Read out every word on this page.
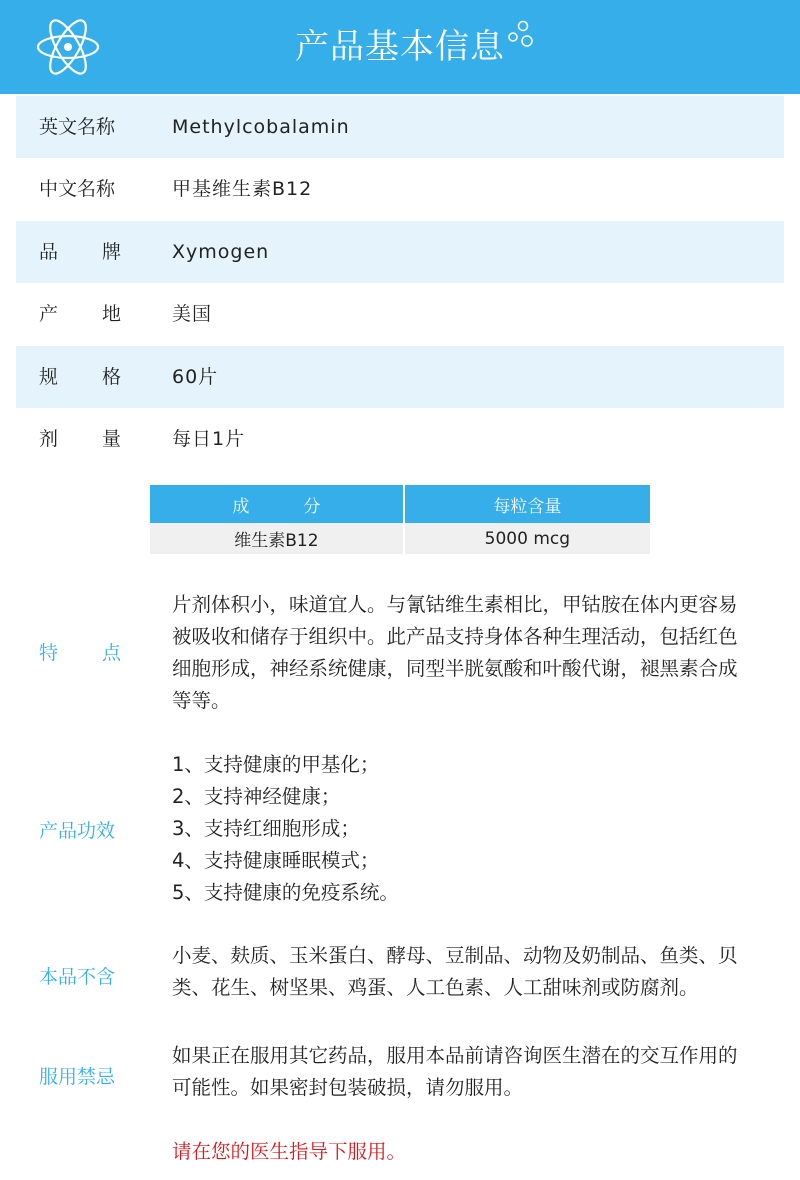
产品基本信息
英文名称	Methylcobalamin
中文名称	甲基维生素B12
品 牌	Xymogen
产 地	美国
规 格	60片
剂 量	每日1片
成 分	每粒含量
维生素B12	5000 mcg
特 点
片剂体积小，味道宜人。与氰钴维生素相比，甲钴胺在体内更容易被吸收和储存于组织中。此产品支持身体各种生理活动，包括红色细胞形成，神经系统健康，同型半胱氨酸和叶酸代谢，褪黑素合成等等。
产品功效
1、支持健康的甲基化；
2、支持神经健康；
3、支持红细胞形成；
4、支持健康睡眠模式；
5、支持健康的免疫系统。
本品不含
小麦、麸质、玉米蛋白、酵母、豆制品、动物及奶制品、鱼类、贝类、花生、树坚果、鸡蛋、人工色素、人工甜味剂或防腐剂。
服用禁忌
如果正在服用其它药品，服用本品前请咨询医生潜在的交互作用的可能性。如果密封包装破损，请勿服用。
请在您的医生指导下服用。
